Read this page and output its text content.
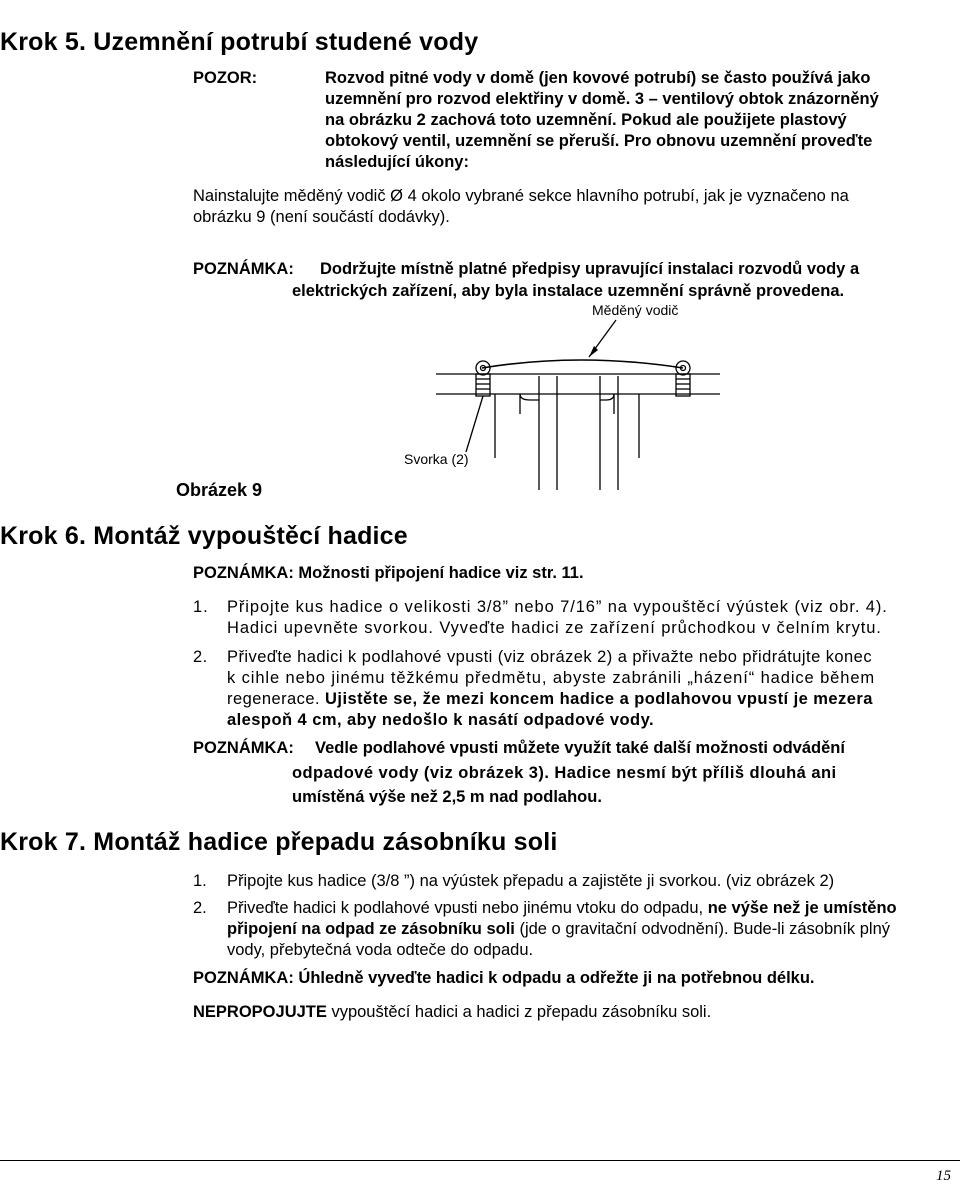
Krok 5. Uzemnění potrubí studené vody
POZOR:	Rozvod pitné vody v domě (jen kovové potrubí) se často používá jako
uzemnění pro rozvod elektřiny v domě. 3 – ventilový obtok znázorněný
na obrázku 2 zachová toto uzemnění. Pokud ale použijete plastový
obtokový ventil, uzemnění se přeruší. Pro obnovu uzemnění proveďte
následující úkony:
Nainstalujte měděný vodič Ø 4 okolo vybrané sekce hlavního potrubí, jak je vyznačeno na
obrázku 9 (není součástí dodávky).
POZNÁMKA: Dodržujte místně platné předpisy upravující instalaci rozvodů vody a
elektrických zařízení, aby byla instalace uzemnění správně provedena.
Měděný vodič
Svorka (2)
Obrázek 9
Krok 6. Montáž vypouštěcí hadice
POZNÁMKA: Možnosti připojení hadice viz str. 11.
1. Připojte kus hadice o velikosti 3/8” nebo 7/16” na vypouštěcí výústek (viz obr. 4).
Hadici upevněte svorkou. Vyveďte hadici ze zařízení průchodkou v čelním krytu.
2. Přiveďte hadici k podlahové vpusti (viz obrázek 2) a přivažte nebo přidrátujte konec
k cihle nebo jinému těžkému předmětu, abyste zabránili „házení“ hadice během
regenerace. Ujistěte se, že mezi koncem hadice a podlahovou vpustí je mezera
alespoň 4 cm, aby nedošlo k nasátí odpadové vody.
POZNÁMKA: Vedle podlahové vpusti můžete využít také další možnosti odvádění
odpadové vody (viz obrázek 3). Hadice nesmí být příliš dlouhá ani
umístěná výše než 2,5 m nad podlahou.
Krok 7. Montáž hadice přepadu zásobníku soli
1. Připojte kus hadice (3/8 ”) na výústek přepadu a zajistěte ji svorkou. (viz obrázek 2)
2. Přiveďte hadici k podlahové vpusti nebo jinému vtoku do odpadu, ne výše než je umístěno
připojení na odpad ze zásobníku soli (jde o gravitační odvodnění). Bude-li zásobník plný
vody, přebytečná voda odteče do odpadu.
POZNÁMKA: Úhledně vyveďte hadici k odpadu a odřežte ji na potřebnou délku.
NEPROPOJUJTE vypouštěcí hadici a hadici z přepadu zásobníku soli.
15
